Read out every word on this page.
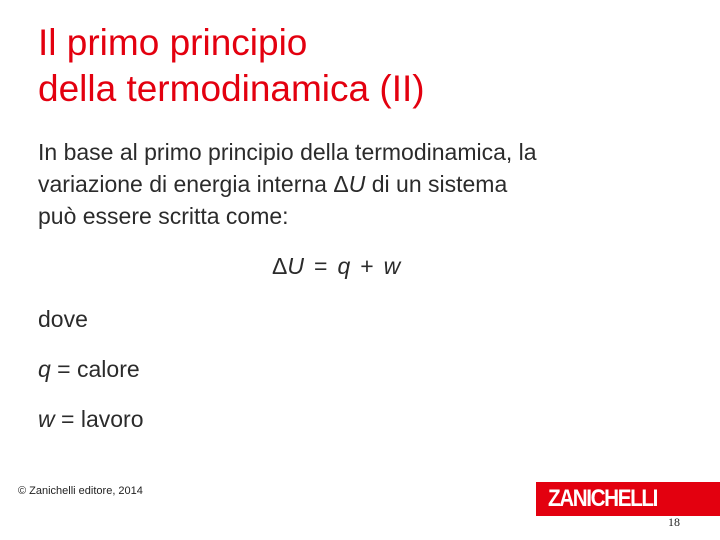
Il primo principio
della termodinamica (II)

In base al primo principio della termodinamica, la
variazione di energia interna ΔU di un sistema
può essere scritta come:

ΔU = q + w
dove
q = calore
w = lavoro
© Zanichelli editore, 2014	ZANICHELLI
18
